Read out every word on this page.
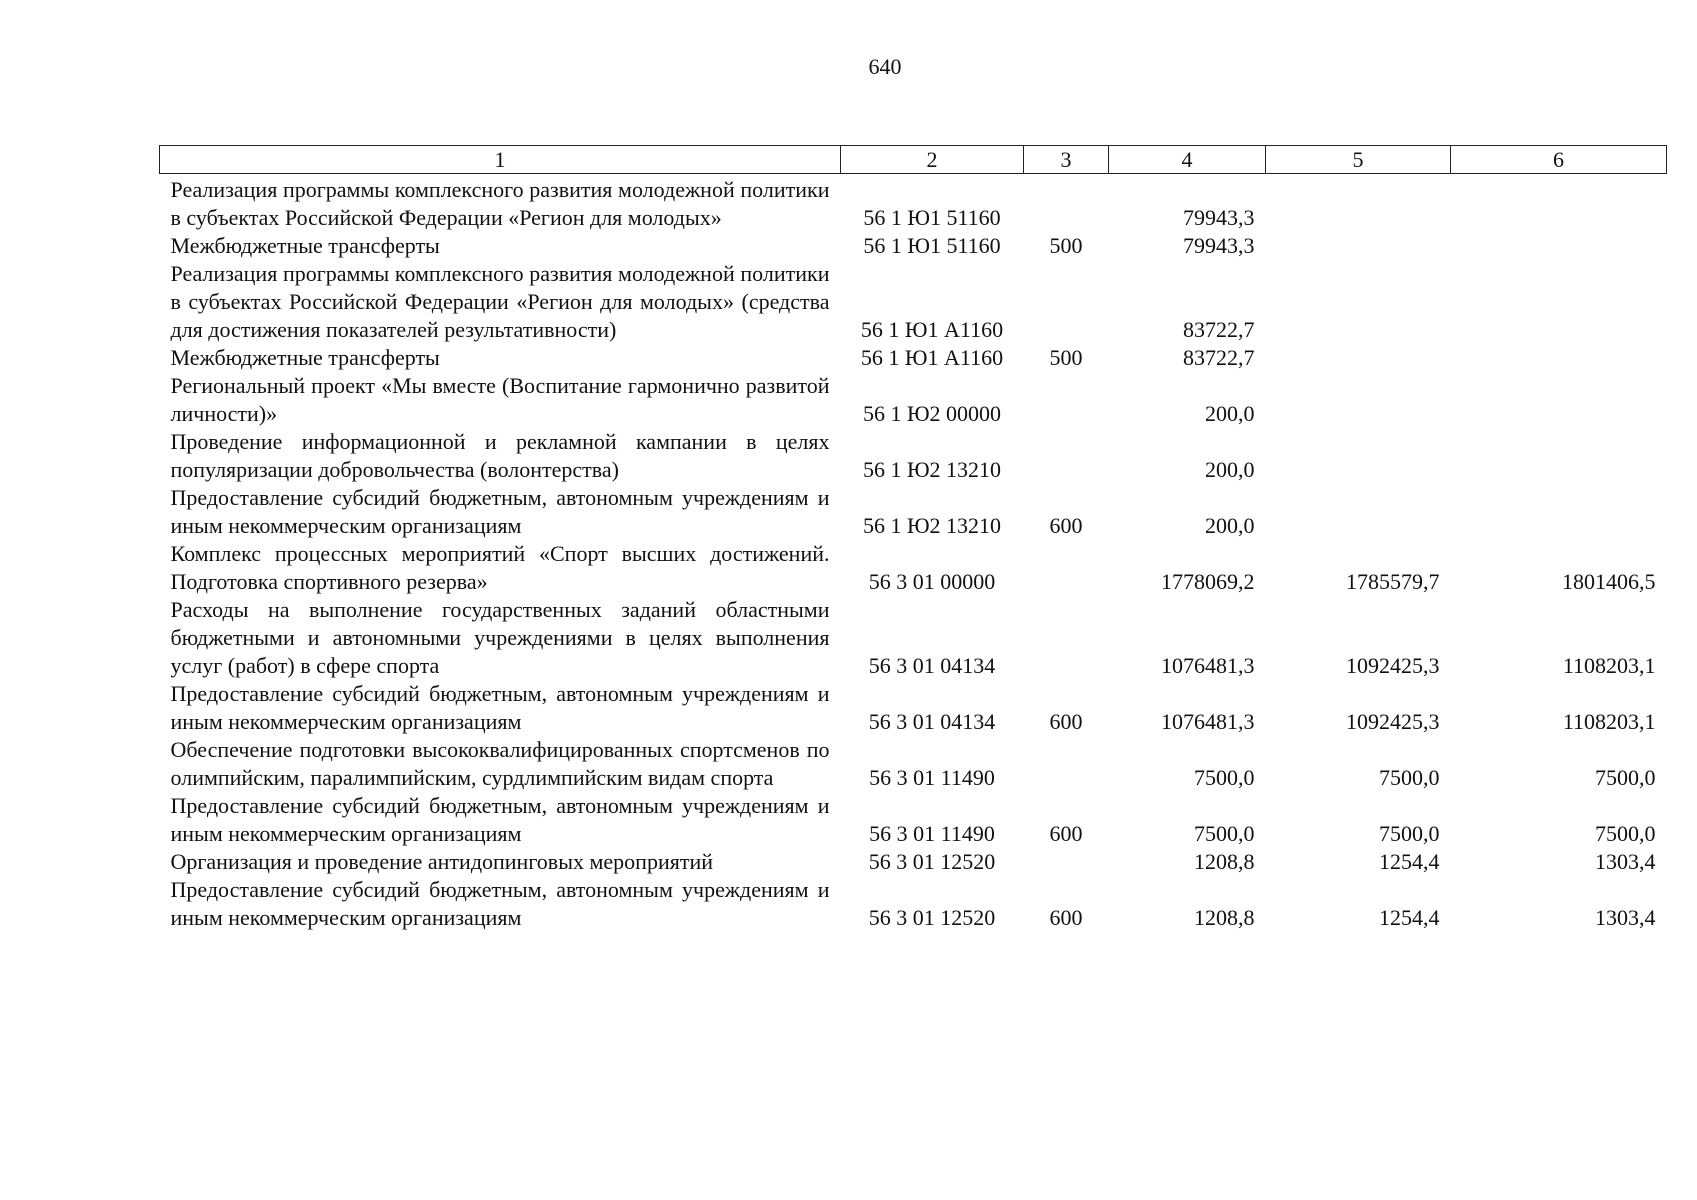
640
1	2	3	4	5	6
Реализация программы комплексного развития молодежной политики в субъектах Российской Федерации «Регион для молодых»	56 1 Ю1 51160		79943,3		
Межбюджетные трансферты	56 1 Ю1 51160	500	79943,3		
Реализация программы комплексного развития молодежной политики в субъектах Российской Федерации «Регион для молодых» (средства для достижения показателей результативности)	56 1 Ю1 А1160		83722,7		
Межбюджетные трансферты	56 1 Ю1 А1160	500	83722,7		
Региональный проект «Мы вместе (Воспитание гармонично развитой личности)»	56 1 Ю2 00000		200,0		
Проведение информационной и рекламной кампании в целях популяризации добровольчества (волонтерства)	56 1 Ю2 13210		200,0		
Предоставление субсидий бюджетным, автономным учреждениям и иным некоммерческим организациям	56 1 Ю2 13210	600	200,0		
Комплекс процессных мероприятий «Спорт высших достижений. Подготовка спортивного резерва»	56 3 01 00000		1778069,2	1785579,7	1801406,5
Расходы на выполнение государственных заданий областными бюджетными и автономными учреждениями в целях выполнения услуг (работ) в сфере спорта	56 3 01 04134		1076481,3	1092425,3	1108203,1
Предоставление субсидий бюджетным, автономным учреждениям и иным некоммерческим организациям	56 3 01 04134	600	1076481,3	1092425,3	1108203,1
Обеспечение подготовки высококвалифицированных спортсменов по олимпийским, паралимпийским, сурдлимпийским видам спорта	56 3 01 11490		7500,0	7500,0	7500,0
Предоставление субсидий бюджетным, автономным учреждениям и иным некоммерческим организациям	56 3 01 11490	600	7500,0	7500,0	7500,0
Организация и проведение антидопинговых мероприятий	56 3 01 12520		1208,8	1254,4	1303,4
Предоставление субсидий бюджетным, автономным учреждениям и иным некоммерческим организациям	56 3 01 12520	600	1208,8	1254,4	1303,4
